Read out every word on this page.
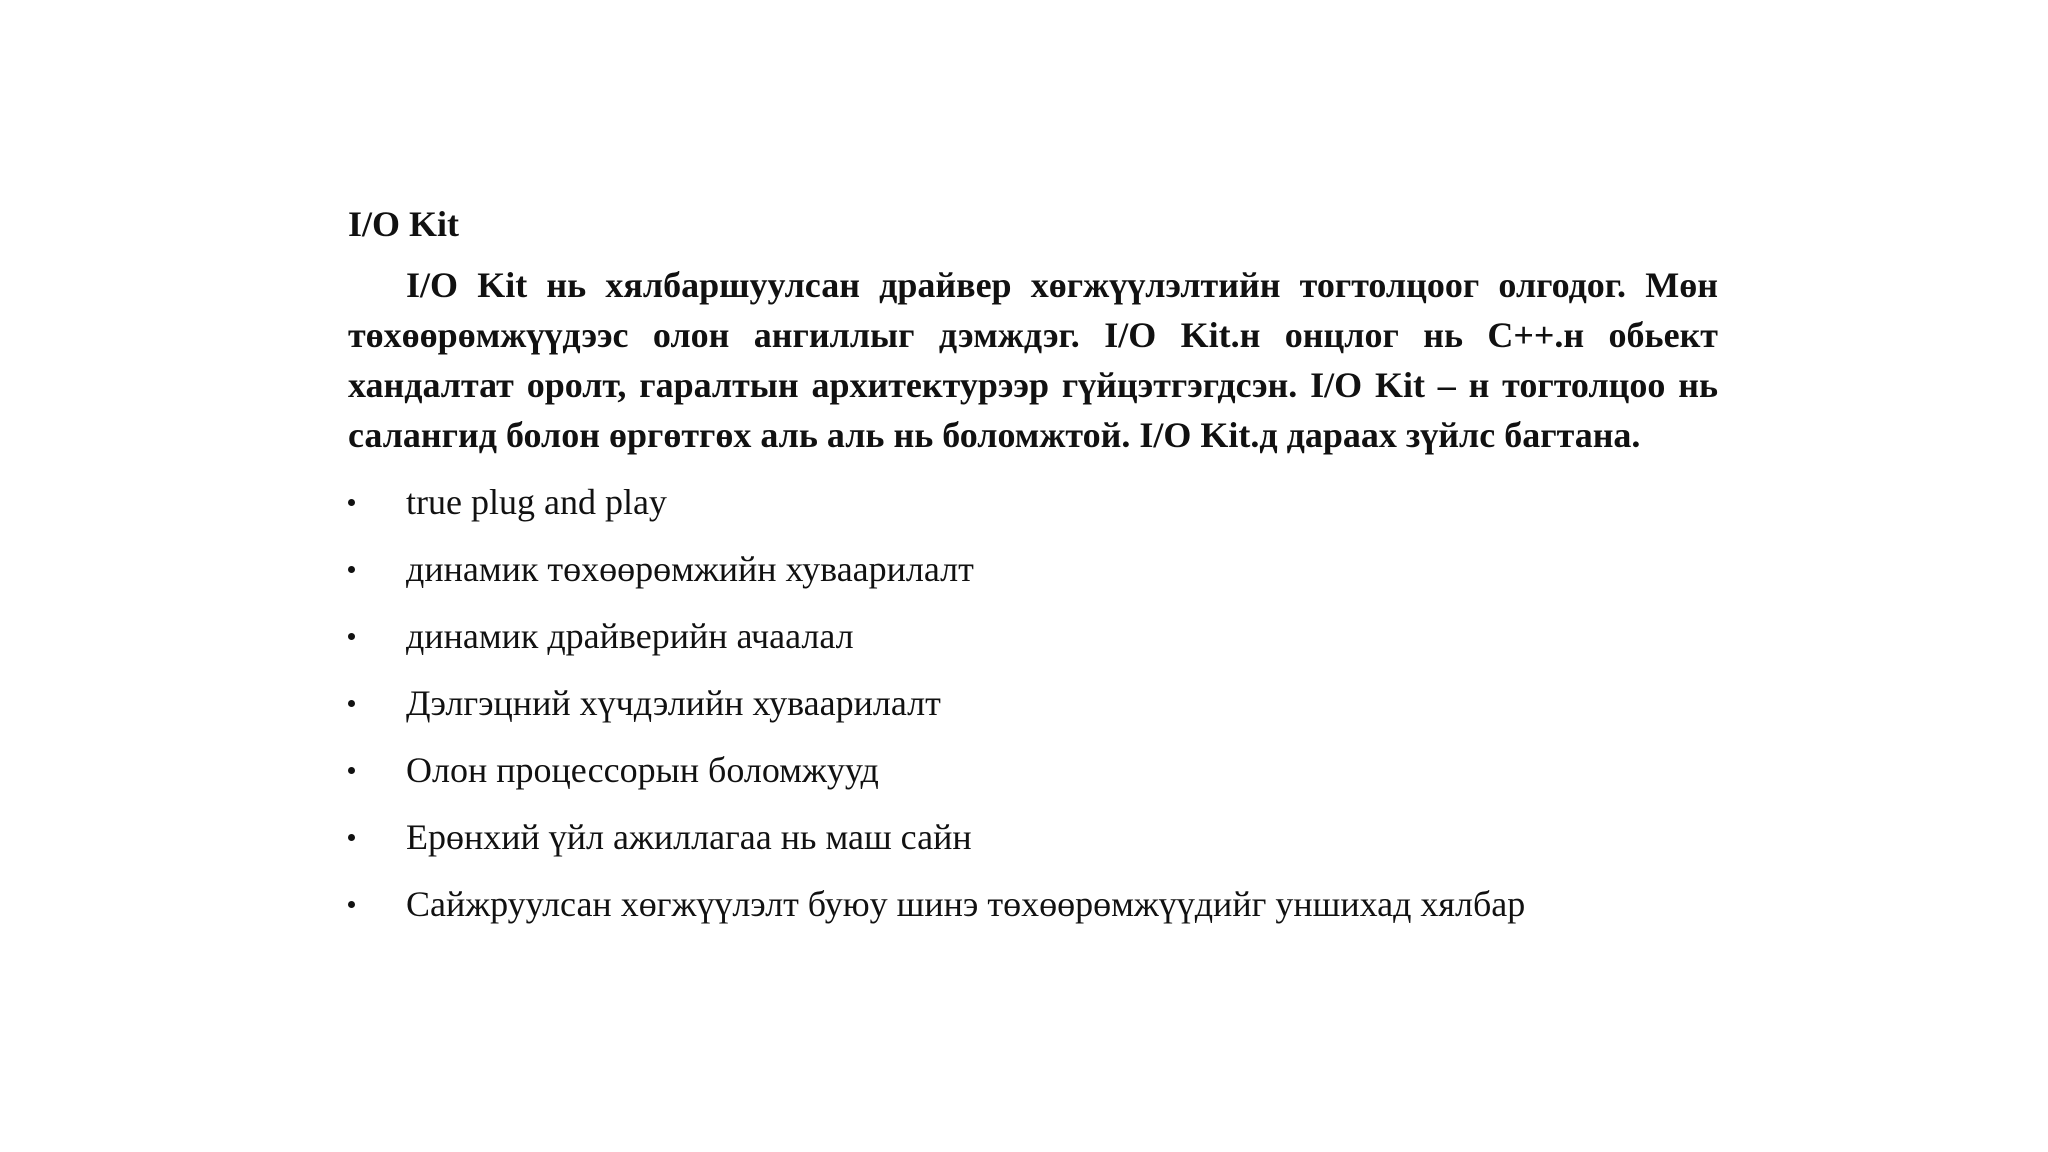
I/O Kit

I/O Kit нь хялбаршуулсан драйвер хөгжүүлэлтийн тогтолцоог олгодог. Мөн төхөөрөмжүүдээс олон ангиллыг дэмждэг. I/O Kit.н онцлог нь C++.н обьект хандалтат оролт, гаралтын архитектурээр гүйцэтгэгдсэн. I/O Kit – н тогтолцоо нь салангид болон өргөтгөх аль аль нь боломжтой. I/O Kit.д дараах зүйлс багтана.

true plug and play
динамик төхөөрөмжийн хуваарилалт
динамик драйверийн ачаалал
Дэлгэцний хүчдэлийн хуваарилалт
Олон процессорын боломжууд
Ерөнхий үйл ажиллагаа нь маш сайн
Сайжруулсан хөгжүүлэлт буюу шинэ төхөөрөмжүүдийг уншихад хялбар
